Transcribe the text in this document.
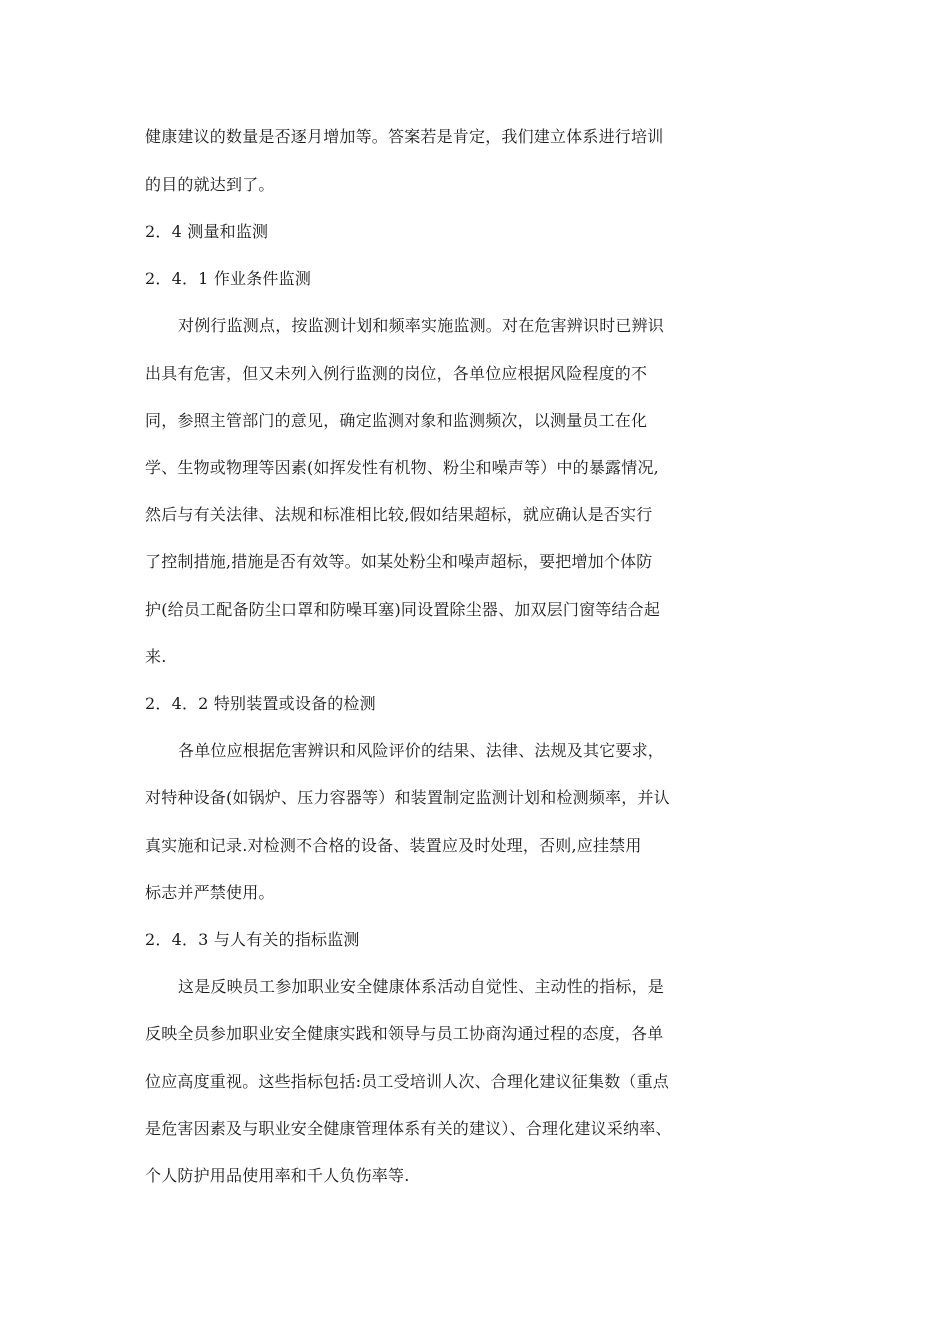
健康建议的数量是否逐月增加等。答案若是肯定，我们建立体系进行培训
的目的就达到了。
2．4 测量和监测
2．4．1 作业条件监测
对例行监测点，按监测计划和频率实施监测。对在危害辨识时已辨识
出具有危害，但又未列入例行监测的岗位，各单位应根据风险程度的不
同，参照主管部门的意见，确定监测对象和监测频次，以测量员工在化
学、生物或物理等因素(如挥发性有机物、粉尘和噪声等）中的暴露情况,
然后与有关法律、法规和标准相比较,假如结果超标，就应确认是否实行
了控制措施,措施是否有效等。如某处粉尘和噪声超标，要把增加个体防
护(给员工配备防尘口罩和防噪耳塞)同设置除尘器、加双层门窗等结合起
来.
2．4．2 特别装置或设备的检测
各单位应根据危害辨识和风险评价的结果、法律、法规及其它要求，
对特种设备(如锅炉、压力容器等）和装置制定监测计划和检测频率，并认
真实施和记录.对检测不合格的设备、装置应及时处理，否则,应挂禁用
标志并严禁使用。
2．4．3 与人有关的指标监测
这是反映员工参加职业安全健康体系活动自觉性、主动性的指标，是
反映全员参加职业安全健康实践和领导与员工协商沟通过程的态度，各单
位应高度重视。这些指标包括:员工受培训人次、合理化建议征集数（重点
是危害因素及与职业安全健康管理体系有关的建议）、合理化建议采纳率、
个人防护用品使用率和千人负伤率等.
